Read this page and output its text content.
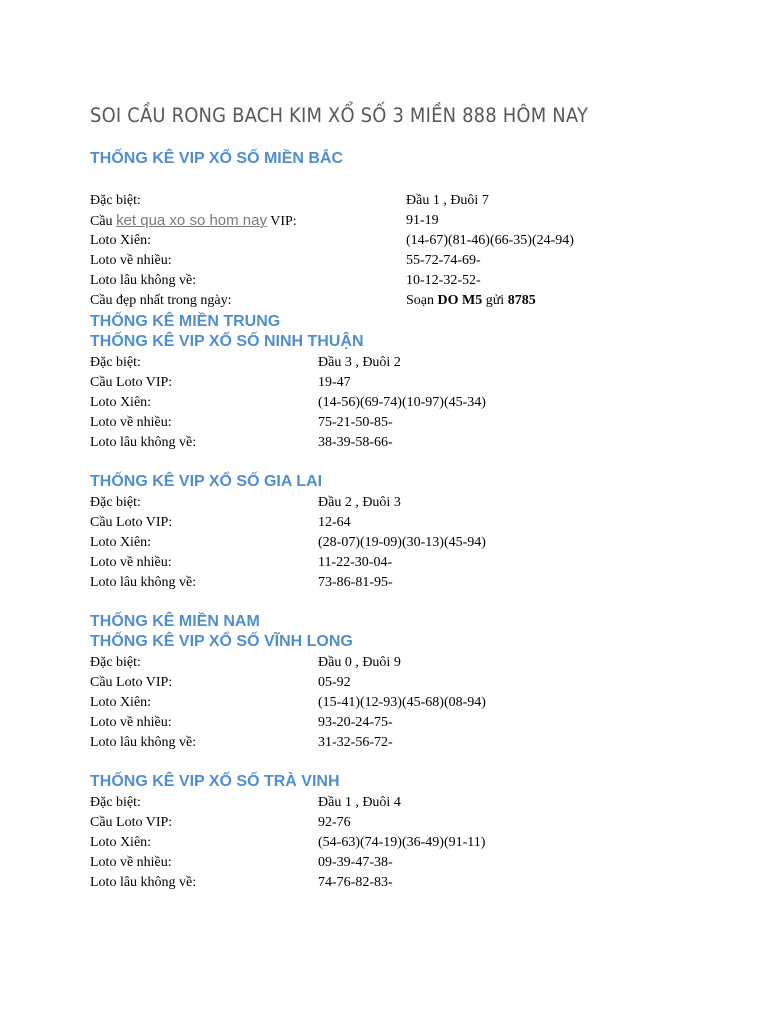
SOI CẦU RONG BACH KIM XỔ SỐ 3 MIỀN 888 HÔM NAY
THỐNG KÊ VIP XỔ SỐ MIỀN BẮC
Đặc biệt:	Đầu 1 , Đuôi 7
Cầu ket qua xo so hom nay VIP:	91-19
Loto Xiên:	(14-67)(81-46)(66-35)(24-94)
Loto về nhiều:	55-72-74-69-
Loto lâu không về:	10-12-32-52-
Cầu đẹp nhất trong ngày:	Soạn DO M5 gửi 8785
THỐNG KÊ MIỀN TRUNG
THỐNG KÊ VIP XỔ SỐ NINH THUẬN
Đặc biệt:	Đầu 3 , Đuôi 2
Cầu Loto VIP:	19-47
Loto Xiên:	(14-56)(69-74)(10-97)(45-34)
Loto về nhiều:	75-21-50-85-
Loto lâu không về:	38-39-58-66-
THỐNG KÊ VIP XỔ SỐ GIA LAI
Đặc biệt:	Đầu 2 , Đuôi 3
Cầu Loto VIP:	12-64
Loto Xiên:	(28-07)(19-09)(30-13)(45-94)
Loto về nhiều:	11-22-30-04-
Loto lâu không về:	73-86-81-95-
THỐNG KÊ MIỀN NAM
THỐNG KÊ VIP XỔ SỐ VĨNH LONG
Đặc biệt:	Đầu 0 , Đuôi 9
Cầu Loto VIP:	05-92
Loto Xiên:	(15-41)(12-93)(45-68)(08-94)
Loto về nhiều:	93-20-24-75-
Loto lâu không về:	31-32-56-72-
THỐNG KÊ VIP XỔ SỐ TRÀ VINH
Đặc biệt:	Đầu 1 , Đuôi 4
Cầu Loto VIP:	92-76
Loto Xiên:	(54-63)(74-19)(36-49)(91-11)
Loto về nhiều:	09-39-47-38-
Loto lâu không về:	74-76-82-83-
